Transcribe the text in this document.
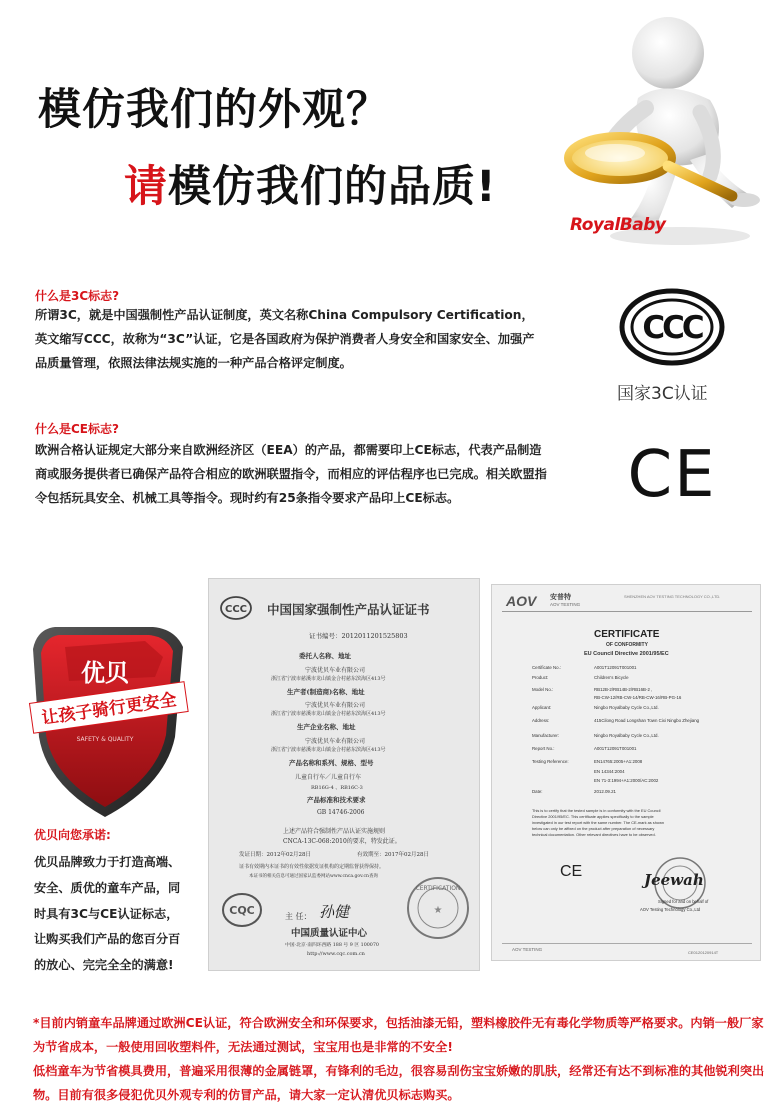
模仿我们的外观？
请模仿我们的品质!
RoyalBaby
什么是3C标志?
所谓3C，就是中国强制性产品认证制度，英文名称China Compulsory Certification，
英文缩写CCC，故称为“3C”认证，它是各国政府为保护消费者人身安全和国家安全、加强产
品质量管理，依照法律法规实施的一种产品合格评定制度。
CCC
国家3C认证
什么是CE标志?
欧洲合格认证规定大部分来自欧洲经济区（EEA）的产品，都需要印上CE标志，代表产品制造
商或服务提供者已确保产品符合相应的欧洲联盟指令，而相应的评估程序也已完成。相关欧盟指
令包括玩具安全、机械工具等指令。现时约有25条指令要求产品印上CE标志。	CE
优贝
让孩子骑行更安全
SAFETY & QUALITY
CCC 中国国家强制性产品认证证书
证书编号：2012011201525803
委托人名称、地址
宁波优贝车业有限公司
浙江省宁波市慈溪市龙山镇金合村慈东滨海区413号
生产者(制造商)名称、地址
宁波优贝车业有限公司
浙江省宁波市慈溪市龙山镇金合村慈东滨海区413号
生产企业名称、地址
宁波优贝车业有限公司
浙江省宁波市慈溪市龙山镇金合村慈东滨海区413号
产品名称和系列、规格、型号
儿童自行车／儿童自行车
RB16G-4 、RB16C-3
产品标准和技术要求
GB 14746-2006
上述产品符合强制性产品认证实施规则
CNCA-13C-068:2010的要求，特发此证。
发证日期：2012年02月28日	有效期至：2017年02月28日
证书有效期内本证书的有效性依据发证机构的定期监督获得保持。
本证书的相关信息可通过国家认监委网站www.cnca.gov.cn查询
CQC	主 任： 孙健
CERTIFICATION
★
中国质量认证中心
中国·北京·南四环西路 188 号 9 区 100070
http://www.cqc.com.cn
AOV 安普特
AOV TESTING
SHENZHEN AOV TESTING TECHNOLOGY CO.,LTD.
CERTIFICATE
OF CONFORMITY
EU Council Directive 2001/95/EC
Certificate No.:	A001T12091T001001
Product:	Children's Bicycle
Model No.:	RB12B-2/RB14B-2/RB16B-2 ,
RB-CW-12/RB-CW-14/RB-CW-16/RB-PG-16
Applicant:	Ningbo Royalbaby Cycle Co.,Ltd.
Address:	415Cilong Road Longshan Town Cixi Ningbo Zhejiang
Manufacturer:	Ningbo Royalbaby Cycle Co.,Ltd.
Report No.:	A001T12091T001001
Testing Reference:	EN14765:2005+A1:2008
EN 14344:2004
EN 71-3:1994+A1:2000/AC:2002
Date:	2012.09.21
This is to certify that the tested sample is in conformity with the EU Council
Directive 2001/95/EC. This certificate applies specifically to the sample
investigated in our test report with the same number. The CE-mark as shown
below can only be affixed on the product after preparation of necessary
technical documentation. Other relevant directives have to be observed.
CE	Jeewah
Signed for and on behalf of
AOV Testing Technology Co.,Ltd
AOV TESTING
CE0120120914T
优贝向您承诺:
优贝品牌致力于打造高端、
安全、质优的童车产品，同
时具有3C与CE认证标志，
让购买我们产品的您百分百
的放心、完完全全的满意!
*目前内销童车品牌通过欧洲CE认证，符合欧洲安全和环保要求，包括油漆无铅，塑料橡胶件无有毒化学物质等严格要求。内销一般厂家
为节省成本，一般使用回收塑料件，无法通过测试，宝宝用也是非常的不安全!
低档童车为节省模具费用，普遍采用很薄的金属链罩，有锋利的毛边，很容易刮伤宝宝娇嫩的肌肤，经常还有达不到标准的其他锐利突出
物。目前有很多侵犯优贝外观专利的仿冒产品，请大家一定认清优贝标志购买。
